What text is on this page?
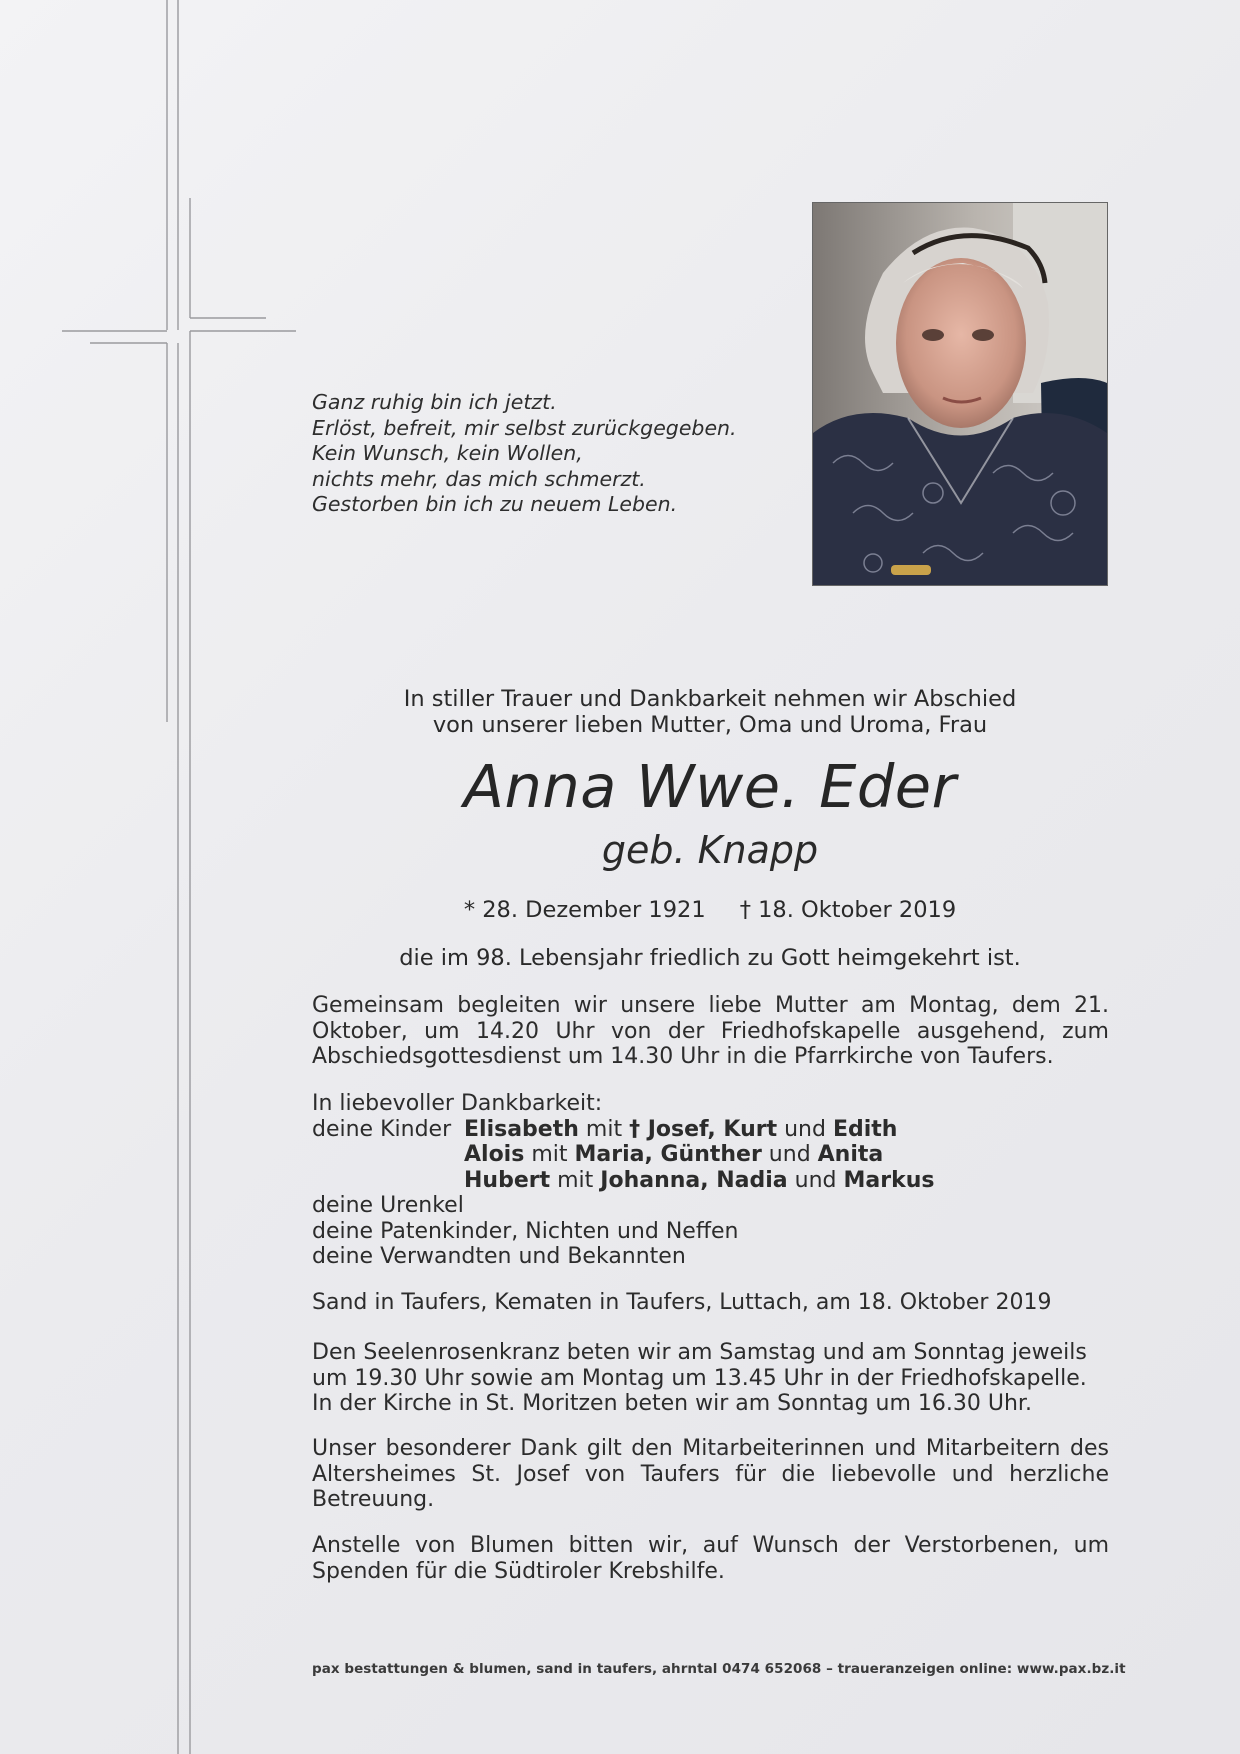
Ganz ruhig bin ich jetzt.
Erlöst, befreit, mir selbst zurückgegeben.
Kein Wunsch, kein Wollen,
nichts mehr, das mich schmerzt.
Gestorben bin ich zu neuem Leben.
In stiller Trauer und Dankbarkeit nehmen wir Abschied
von unserer lieben Mutter, Oma und Uroma, Frau
Anna Wwe. Eder
geb. Knapp
* 28. Dezember 1921 † 18. Oktober 2019
die im 98. Lebensjahr friedlich zu Gott heimgekehrt ist.
Gemeinsam begleiten wir unsere liebe Mutter am Montag, dem 21. Oktober, um 14.20 Uhr von der Friedhofskapelle ausgehend, zum Abschiedsgottesdienst um 14.30 Uhr in die Pfarrkirche von Taufers.
In liebevoller Dankbarkeit:
deine Kinder Elisabeth mit † Josef, Kurt und Edith
Alois mit Maria, Günther und Anita
Hubert mit Johanna, Nadia und Markus
deine Urenkel
deine Patenkinder, Nichten und Neffen
deine Verwandten und Bekannten
Sand in Taufers, Kematen in Taufers, Luttach, am 18. Oktober 2019
Den Seelenrosenkranz beten wir am Samstag und am Sonntag jeweils
um 19.30 Uhr sowie am Montag um 13.45 Uhr in der Friedhofskapelle.
In der Kirche in St. Moritzen beten wir am Sonntag um 16.30 Uhr.
Unser besonderer Dank gilt den Mitarbeiterinnen und Mitarbeitern des Altersheimes St. Josef von Taufers für die liebevolle und herzliche Betreuung.
Anstelle von Blumen bitten wir, auf Wunsch der Verstorbenen, um Spenden für die Südtiroler Krebshilfe.
pax bestattungen & blumen, sand in taufers, ahrntal 0474 652068 – traueranzeigen online: www.pax.bz.it
